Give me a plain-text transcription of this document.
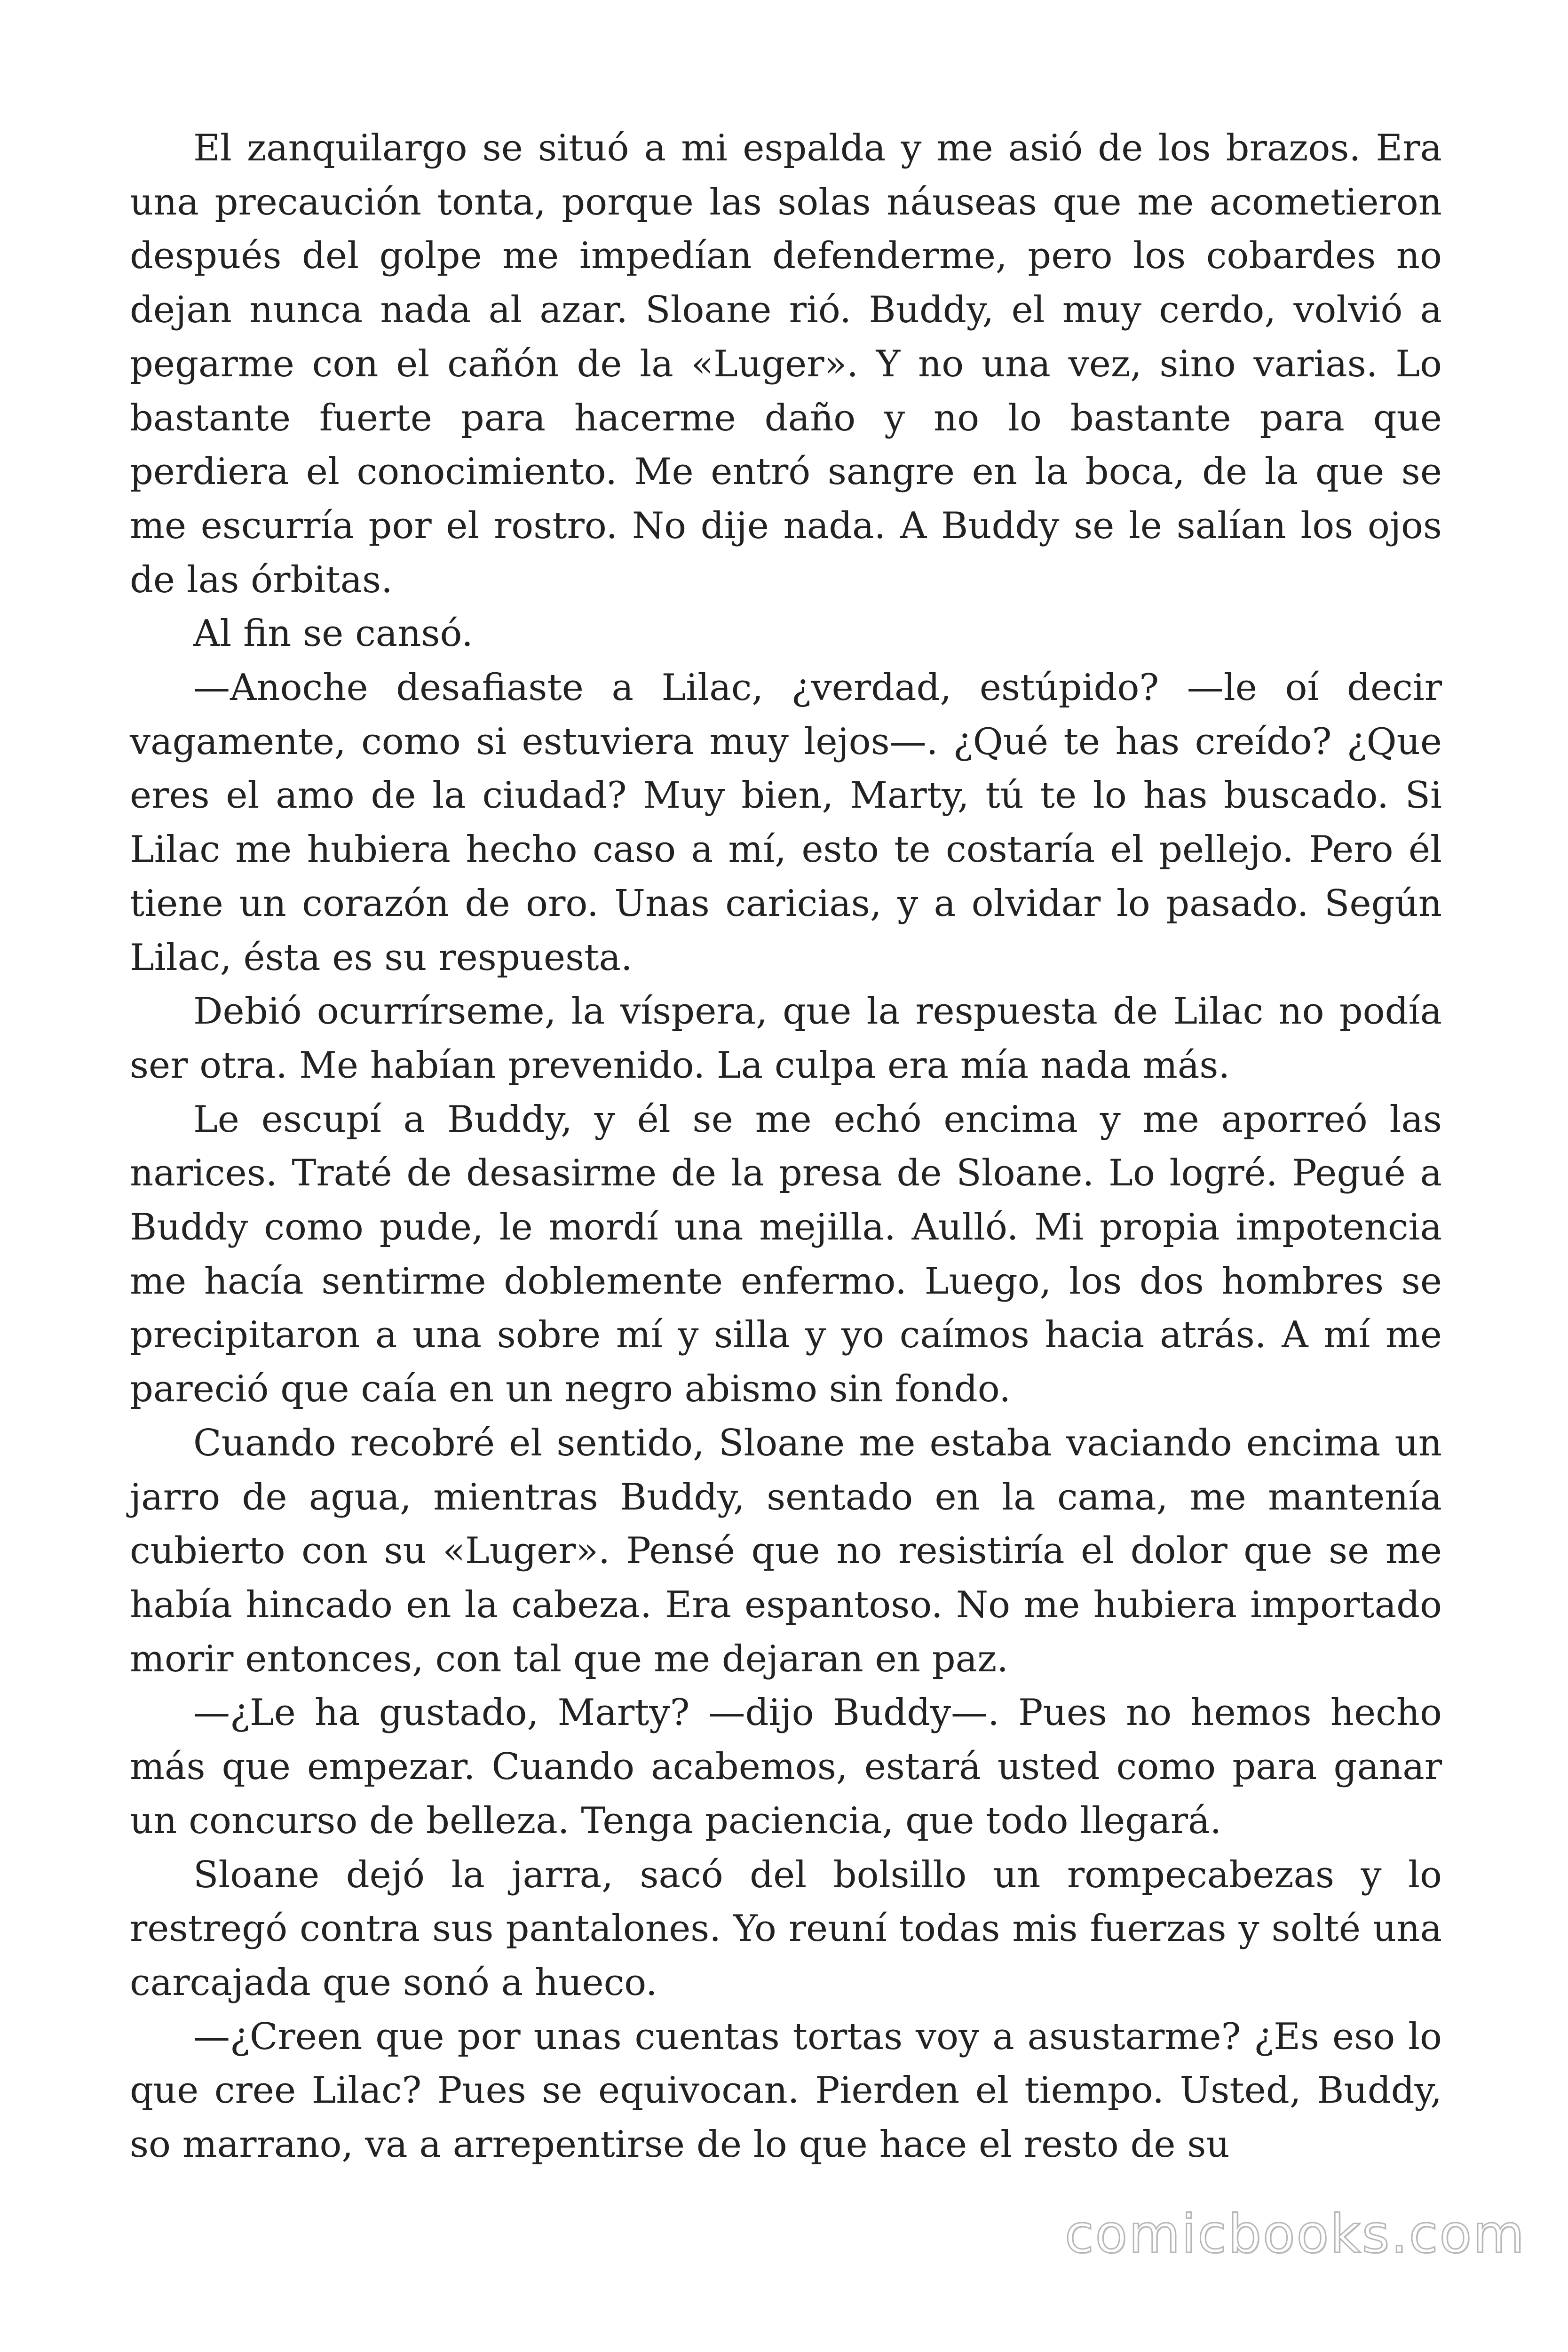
El zanquilargo se situó a mi espalda y me asió de los brazos. Era una precaución tonta, porque las solas náuseas que me acometieron después del golpe me impedían defenderme, pero los cobardes no dejan nunca nada al azar. Sloane rió. Buddy, el muy cerdo, volvió a pegarme con el cañón de la «Luger». Y no una vez, sino varias. Lo bastante fuerte para hacerme daño y no lo bastante para que perdiera el conocimiento. Me entró sangre en la boca, de la que se me escurría por el rostro. No dije nada. A Buddy se le salían los ojos de las órbitas.

Al fin se cansó.

—Anoche desafiaste a Lilac, ¿verdad, estúpido? —le oí decir vagamente, como si estuviera muy lejos—. ¿Qué te has creído? ¿Que eres el amo de la ciudad? Muy bien, Marty, tú te lo has buscado. Si Lilac me hubiera hecho caso a mí, esto te costaría el pellejo. Pero él tiene un corazón de oro. Unas caricias, y a olvidar lo pasado. Según Lilac, ésta es su respuesta.

Debió ocurrírseme, la víspera, que la respuesta de Lilac no podía ser otra. Me habían prevenido. La culpa era mía nada más.

Le escupí a Buddy, y él se me echó encima y me aporreó las narices. Traté de desasirme de la presa de Sloane. Lo logré. Pegué a Buddy como pude, le mordí una mejilla. Aulló. Mi propia impotencia me hacía sentirme doblemente enfermo. Luego, los dos hombres se precipitaron a una sobre mí y silla y yo caímos hacia atrás. A mí me pareció que caía en un negro abismo sin fondo.

Cuando recobré el sentido, Sloane me estaba vaciando encima un jarro de agua, mientras Buddy, sentado en la cama, me mantenía cubierto con su «Luger». Pensé que no resistiría el dolor que se me había hincado en la cabeza. Era espantoso. No me hubiera importado morir entonces, con tal que me dejaran en paz.

—¿Le ha gustado, Marty? —dijo Buddy—. Pues no hemos hecho más que empezar. Cuando acabemos, estará usted como para ganar un concurso de belleza. Tenga paciencia, que todo llegará.

Sloane dejó la jarra, sacó del bolsillo un rompecabezas y lo restregó contra sus pantalones. Yo reuní todas mis fuerzas y solté una carcajada que sonó a hueco.

—¿Creen que por unas cuentas tortas voy a asustarme? ¿Es eso lo que cree Lilac? Pues se equivocan. Pierden el tiempo. Usted, Buddy, so marrano, va a arrepentirse de lo que hace el resto de su

comicbooks.com
